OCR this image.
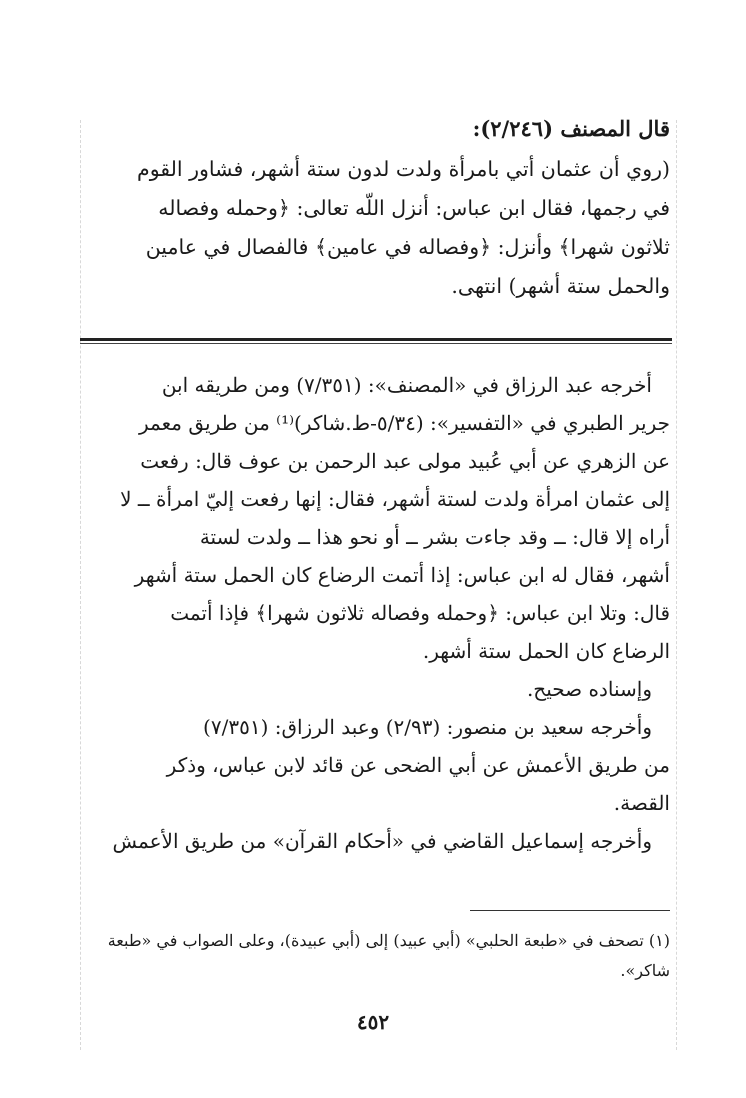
قال المصنف (٢/٢٤٦):
(روي أن عثمان أتي بامرأة ولدت لدون ستة أشهر، فشاور القوم
في رجمها، فقال ابن عباس: أنزل اللّه تعالى: ﴿وحمله وفصاله
ثلاثون شهرا﴾ وأنزل: ﴿وفصاله في عامين﴾ فالفصال في عامين
والحمل ستة أشهر) انتهى.
أخرجه عبد الرزاق في «المصنف»: (٧/٣٥١) ومن طريقه ابن
جرير الطبري في «التفسير»: (٥/٣٤-ط.شاكر)⁽¹⁾ من طريق معمر
عن الزهري عن أبي عُبيد مولى عبد الرحمن بن عوف قال: رفعت
إلى عثمان امرأة ولدت لستة أشهر، فقال: إنها رفعت إليّ امرأة ــ لا
أراه إلا قال: ــ وقد جاءت بشر ــ أو نحو هذا ــ ولدت لستة
أشهر، فقال له ابن عباس: إذا أتمت الرضاع كان الحمل ستة أشهر
قال: وتلا ابن عباس: ﴿وحمله وفصاله ثلاثون شهرا﴾ فإذا أتمت
الرضاع كان الحمل ستة أشهر.
وإسناده صحيح.
وأخرجه سعيد بن منصور: (٢/٩٣) وعبد الرزاق: (٧/٣٥١)
من طريق الأعمش عن أبي الضحى عن قائد لابن عباس، وذكر
القصة.
وأخرجه إسماعيل القاضي في «أحكام القرآن» من طريق الأعمش
(١) تصحف في «طبعة الحلبي» (أبي عبيد) إلى (أبي عبيدة)، وعلى الصواب في «طبعة
شاكر».
٤٥٢
